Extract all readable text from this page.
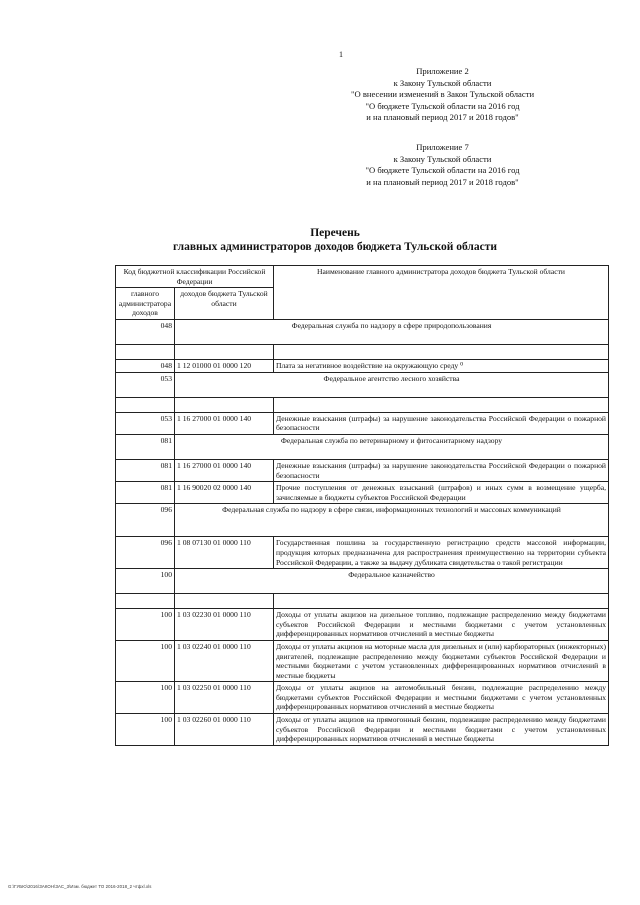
1
Приложение 2
к Закону Тульской области
"О внесении изменений в Закон Тульской области
"О бюджете Тульской области на 2016 год
и на плановый период 2017 и 2018 годов"
Приложение 7
к Закону Тульской области
"О бюджете Тульской области на 2016 год
и на плановый период 2017 и 2018 годов"
Перечень
главных администраторов доходов бюджета Тульской области
Код бюджетной классификации Российской Федерации		Наименование главного администратора доходов бюджета Тульской области
главного администратора доходов	доходов бюджета Тульской области	
048	Федеральная служба по надзору в сфере природопользования	

048	1 12 01000 01 0000 120	Плата за негативное воздействие на окружающую среду ⁰
053	Федеральное агентство лесного хозяйства	

053	1 16 27000 01 0000 140	Денежные взыскания (штрафы) за нарушение законодательства Российской Федерации о пожарной безопасности
081	Федеральная служба по ветеринарному и фитосанитарному надзору	
081	1 16 27000 01 0000 140	Денежные взыскания (штрафы) за нарушение законодательства Российской Федерации о пожарной безопасности
081	1 16 90020 02 0000 140	Прочие поступления от денежных взысканий (штрафов) и иных сумм в возмещение ущерба, зачисляемые в бюджеты субъектов Российской Федерации
096	Федеральная служба по надзору в сфере связи, информационных технологий и массовых коммуникаций	
096	1 08 07130 01 0000 110	Государственная пошлина за государственную регистрацию средств массовой информации, продукция которых предназначена для распространения преимущественно на территории субъекта Российской Федерации, а также за выдачу дубликата свидетельства о такой регистрации
100	Федеральное казначейство	

100	1 03 02230 01 0000 110	Доходы от уплаты акцизов на дизельное топливо, подлежащие распределению между бюджетами субъектов Российской Федерации и местными бюджетами с учетом установленных дифференцированных нормативов отчислений в местные бюджеты
100	1 03 02240 01 0000 110	Доходы от уплаты акцизов на моторные масла для дизельных и (или) карбюраторных (инжекторных) двигателей, подлежащие распределению между бюджетами субъектов Российской Федерации и местными бюджетами с учетом установленных дифференцированных нормативов отчислений в местные бюджеты
100	1 03 02250 01 0000 110	Доходы от уплаты акцизов на автомобильный бензин, подлежащие распределению между бюджетами субъектов Российской Федерации и местными бюджетами с учетом установленных дифференцированных нормативов отчислений в местные бюджеты
100	1 03 02260 01 0000 110	Доходы от уплаты акцизов на прямогонный бензин, подлежащие распределению между бюджетами субъектов Российской Федерации и местными бюджетами с учетом установленных дифференцированных нормативов отчислений в местные бюджеты
G:\ГУБЮ\2016\ЗАКОН\ЗАС_3\Изм. бюджет ТО 2016-2018_2 чтфхl.xls
